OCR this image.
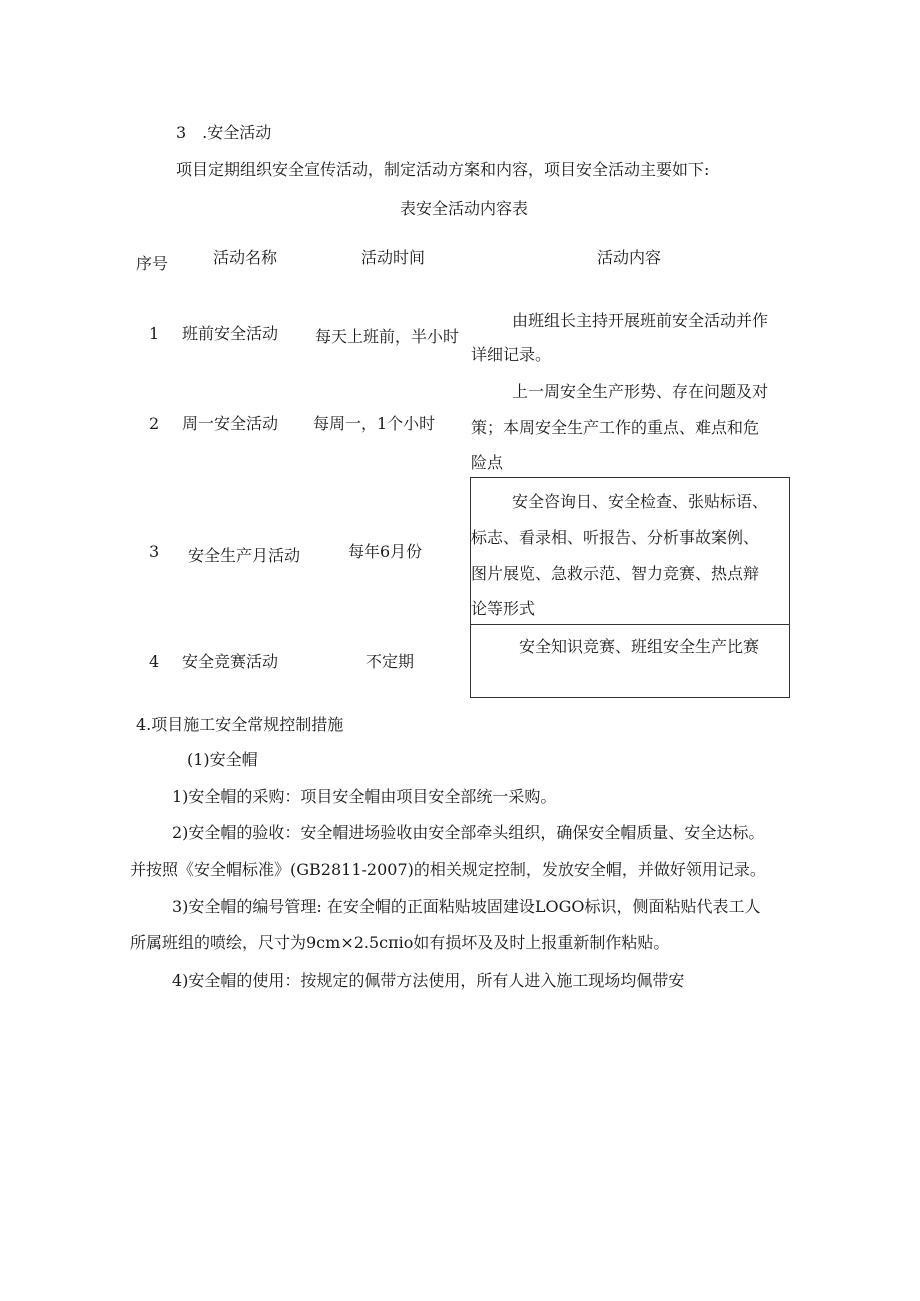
3　.安全活动
项目定期组织安全宣传活动，制定活动方案和内容，项目安全活动主要如下:
表安全活动内容表
序号	活动名称	活动时间	活动内容
1 班前安全活动 每天上班前，半小时
由班组长主持开展班前安全活动并作
详细记录。
2 周一安全活动 每周一，1个小时
上一周安全生产形势、存在问题及对
策；本周安全生产工作的重点、难点和危
险点
3 安全生产月活动	每年6月份
安全咨询日、安全检查、张贴标语、
标志、看录相、听报告、分析事故案例、
图片展览、急救示范、智力竞赛、热点辩
论等形式
4 安全竞赛活动	不定期
安全知识竞赛、班组安全生产比赛
4.项目施工安全常规控制措施
(1)安全帽
1)安全帽的采购：项目安全帽由项目安全部统一采购。
2)安全帽的验收：安全帽进场验收由安全部牵头组织，确保安全帽质量、安全达标。
并按照《安全帽标准》(GB2811-2007)的相关规定控制，发放安全帽，并做好领用记录。
3)安全帽的编号管理: 在安全帽的正面粘贴坡固建设LOGO标识，侧面粘贴代表工人
所属班组的喷绘，尺寸为9cm×2.5cπio如有损坏及及时上报重新制作粘贴。
4)安全帽的使用：按规定的佩带方法使用，所有人进入施工现场均佩带安
